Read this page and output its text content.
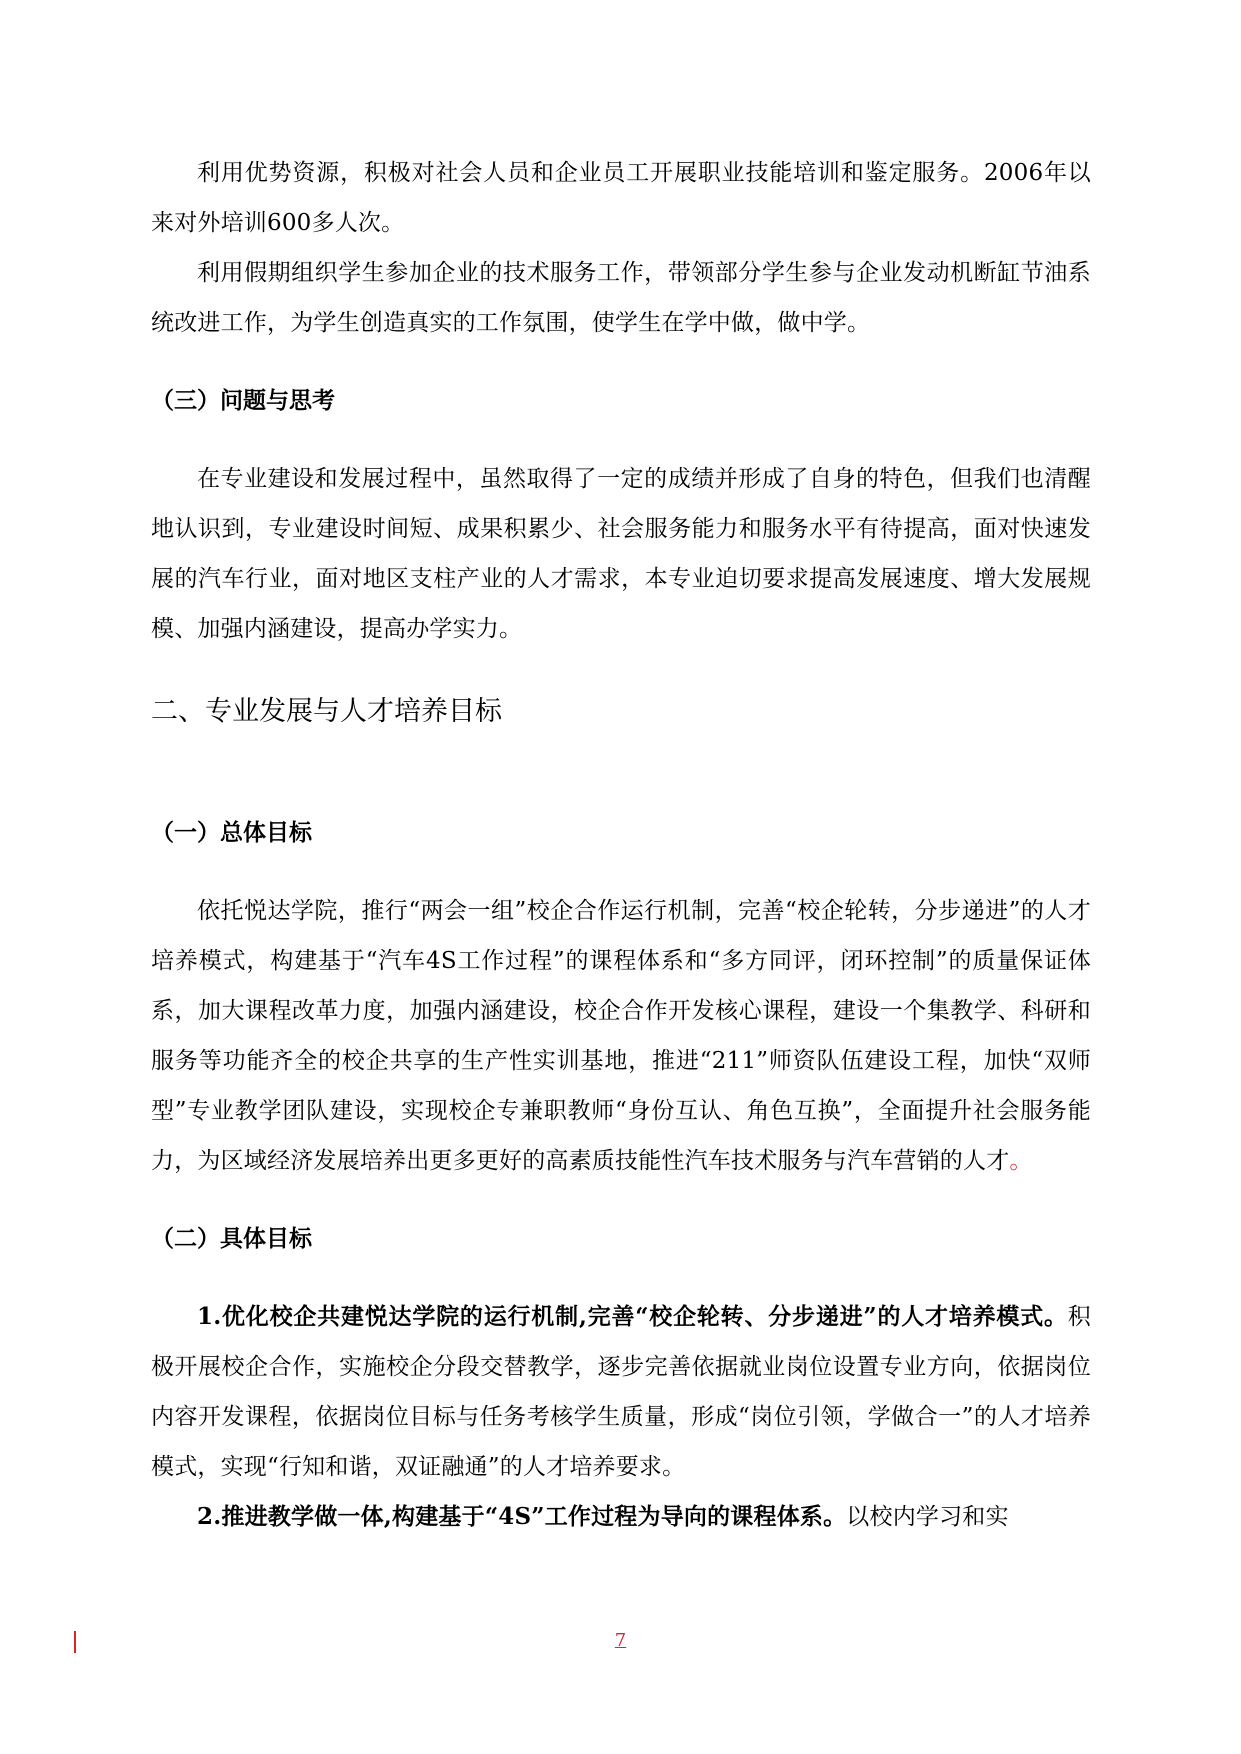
利用优势资源，积极对社会人员和企业员工开展职业技能培训和鉴定服务。2006年以来对外培训600多人次。

利用假期组织学生参加企业的技术服务工作，带领部分学生参与企业发动机断缸节油系统改进工作，为学生创造真实的工作氛围，使学生在学中做，做中学。

（三）问题与思考

在专业建设和发展过程中，虽然取得了一定的成绩并形成了自身的特色，但我们也清醒地认识到，专业建设时间短、成果积累少、社会服务能力和服务水平有待提高，面对快速发展的汽车行业，面对地区支柱产业的人才需求，本专业迫切要求提高发展速度、增大发展规模、加强内涵建设，提高办学实力。

二、专业发展与人才培养目标
（一）总体目标

依托悦达学院，推行“两会一组”校企合作运行机制，完善“校企轮转，分步递进”的人才培养模式，构建基于“汽车4S工作过程”的课程体系和“多方同评，闭环控制”的质量保证体系，加大课程改革力度，加强内涵建设，校企合作开发核心课程，建设一个集教学、科研和服务等功能齐全的校企共享的生产性实训基地，推进“211”师资队伍建设工程，加快“双师型”专业教学团队建设，实现校企专兼职教师“身份互认、角色互换”，全面提升社会服务能力，为区域经济发展培养出更多更好的高素质技能性汽车技术服务与汽车营销的人才。

（二）具体目标

1.优化校企共建悦达学院的运行机制,完善“校企轮转、分步递进”的人才培养模式。积极开展校企合作，实施校企分段交替教学，逐步完善依据就业岗位设置专业方向，依据岗位内容开发课程，依据岗位目标与任务考核学生质量，形成“岗位引领，学做合一”的人才培养模式，实现“行知和谐，双证融通”的人才培养要求。

2.推进教学做一体,构建基于“4S”工作过程为导向的课程体系。以校内学习和实

7
